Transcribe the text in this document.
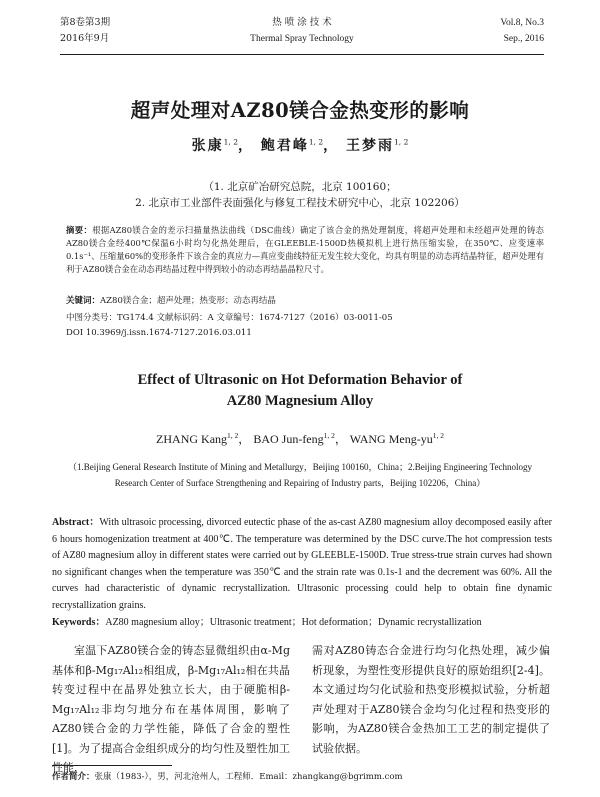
第8卷第3期
2016年9月
热 喷 涂 技 术
Thermal Spray Technology
Vol.8, No.3
Sep., 2016
超声处理对AZ80镁合金热变形的影响
张康$^{1, 2}$， 鲍君峰$^{1, 2}$， 王梦雨$^{1, 2}$
（1. 北京矿冶研究总院，北京 100160；
2. 北京市工业部件表面强化与修复工程技术研究中心，北京 102206）
摘要：根据AZ80镁合金的差示扫描量热法曲线（DSC曲线）确定了该合金的热处理制度，将超声处理和未经超声处理的铸态AZ80镁合金经400℃保温6小时均匀化热处理后，在GLEEBLE-1500D热模拟机上进行热压缩实验，在350℃、应变速率0.1s⁻¹、压缩量60%的变形条件下该合金的真应力—真应变曲线特征无发生较大变化，均具有明显的动态再结晶特征，超声处理有利于AZ80镁合金在动态再结晶过程中得到较小的动态再结晶晶粒尺寸。
关键词：AZ80镁合金；超声处理；热变形；动态再结晶
中图分类号：TG174.4 文献标识码：A 文章编号：1674-7127（2016）03-0011-05
DOI 10.3969/j.issn.1674-7127.2016.03.011
Effect of Ultrasonic on Hot Deformation Behavior of
AZ80 Magnesium Alloy
ZHANG Kang$^{1, 2}$， BAO Jun-feng$^{1, 2}$， WANG Meng-yu$^{1, 2}$
（1.Beijing General Research Institute of Mining and Metallurgy，Beijing 100160，China；2.Beijing Engineering Technology
Research Center of Surface Strengthening and Repairing of Industry parts，Beijing 102206，China）
Abstract：With ultrasoic processing, divorced eutectic phase of the as-cast AZ80 magnesium alloy decomposed easily after 6 hours homogenization treatment at 400℃. The temperature was determined by the DSC curve.The hot compression tests of AZ80 magnesium alloy in different states were carried out by GLEEBLE-1500D. True stress-true strain curves had shown no significant changes when the temperature was 350℃ and the strain rate was 0.1s-1 and the decrement was 60%. All the curves had characteristic of dynamic recrystallization. Ultrasonic processing could help to obtain fine dynamic recrystallization grains.
Keywords：AZ80 magnesium alloy；Ultrasonic treatment；Hot deformation；Dynamic recrystallization
室温下AZ80镁合金的铸态显微组织由α-Mg基体和β-Mg₁₇Al₁₂相组成，β-Mg₁₇Al₁₂相在共晶转变过程中在晶界处独立长大，由于硬脆相β-Mg₁₇Al₁₂非均匀地分布在基体周围，影响了AZ80镁合金的力学性能，降低了合金的塑性[1]。为了提高合金组织成分的均匀性及塑性加工性能，
需对AZ80铸态合金进行均匀化热处理，减少偏析现象，为塑性变形提供良好的原始组织[2-4]。本文通过均匀化试验和热变形模拟试验，分析超声处理对于AZ80镁合金均匀化过程和热变形的影响，为AZ80镁合金热加工工艺的制定提供了试验依据。
作者简介：张康（1983-），男，河北沧州人，工程师．Email：zhangkang@bgrimm.com
